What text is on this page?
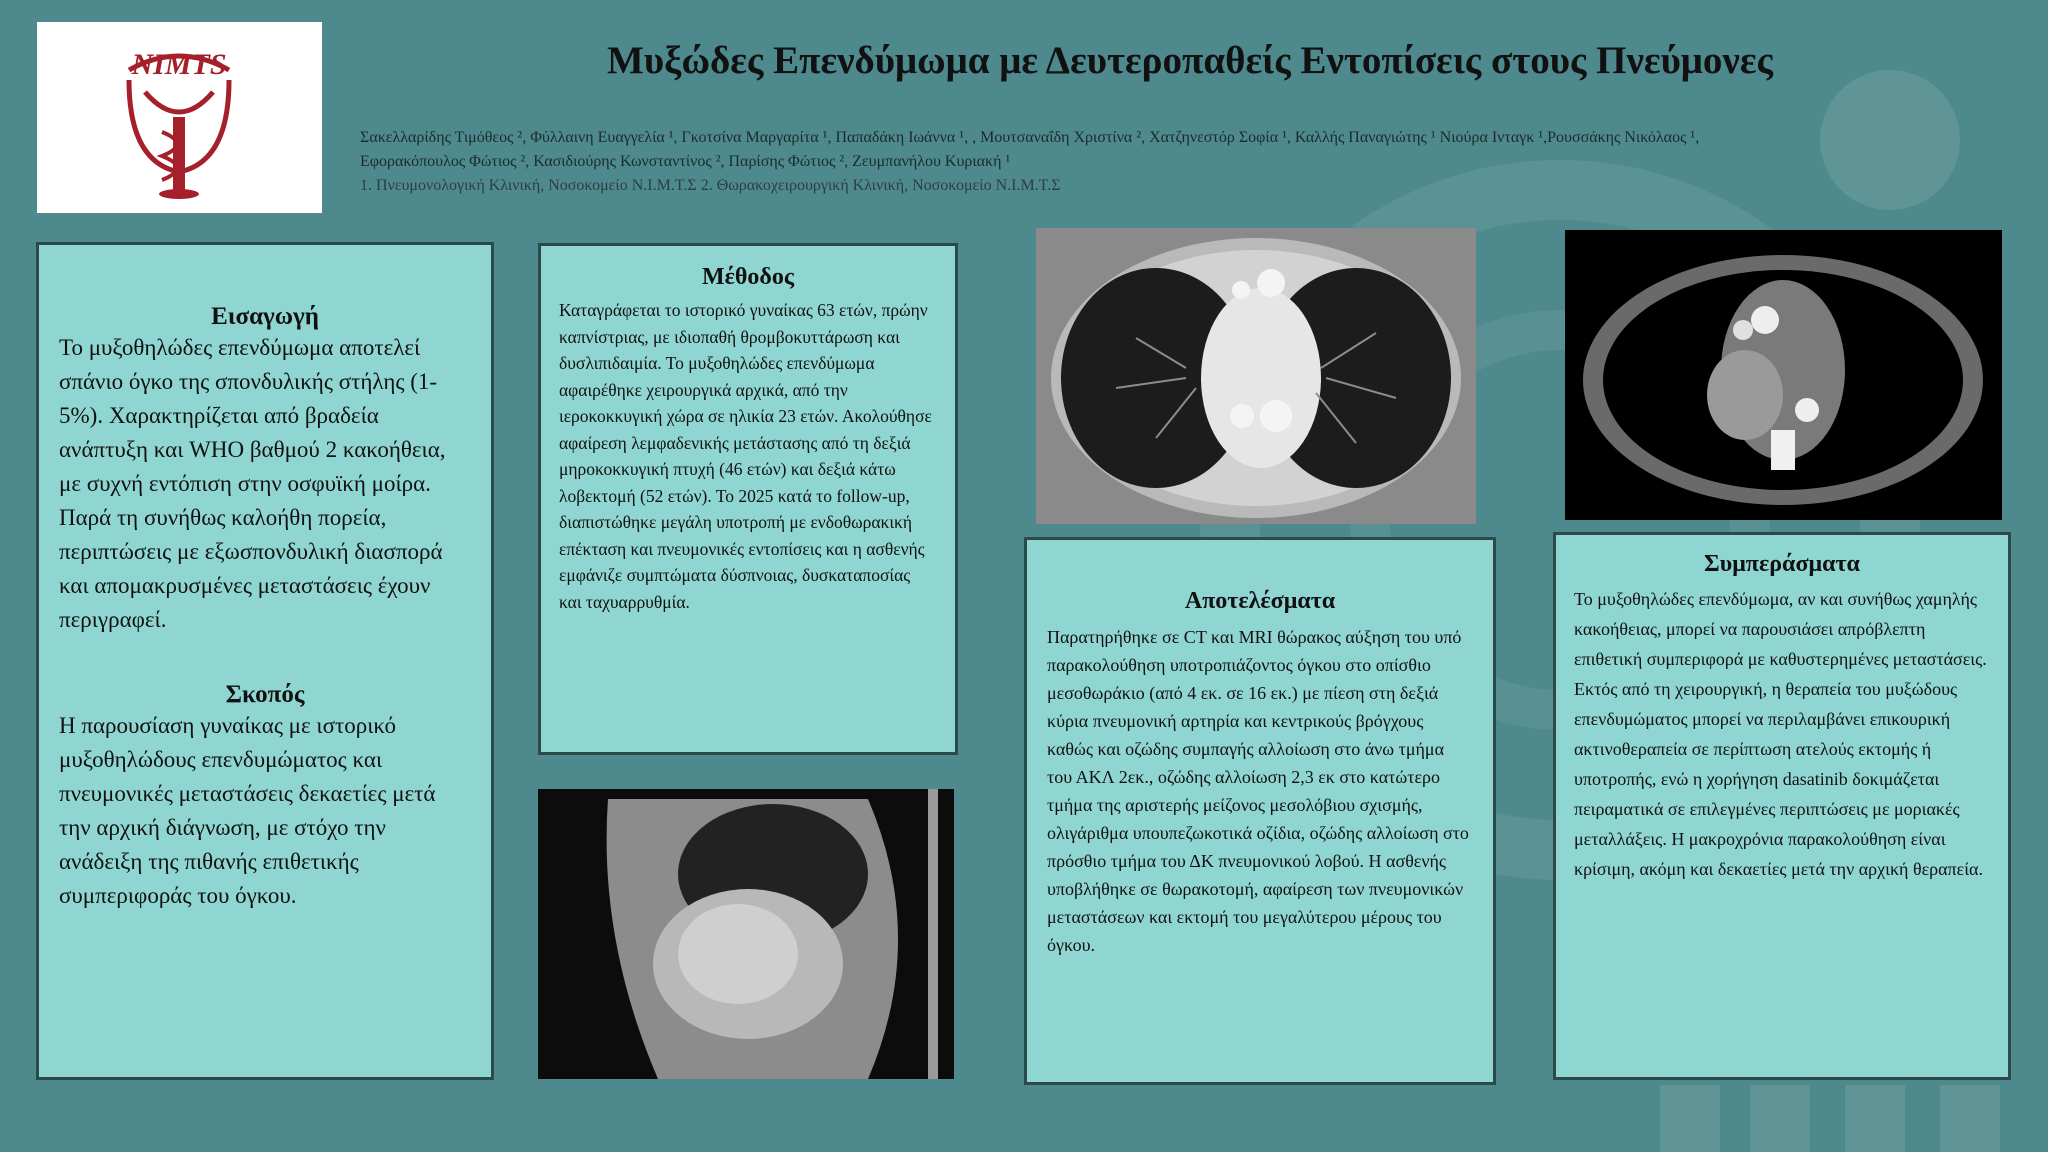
NIMTS	Μυξώδες Επενδύμωμα με Δευτεροπαθείς Εντοπίσεις στους Πνεύμονες
Σακελλαρίδης Τιμόθεος ², Φύλλαινη Ευαγγελία ¹, Γκοτσίνα Μαργαρίτα ¹, Παπαδάκη Ιωάννα ¹, , Μουτσαναΐδη Χριστίνα ², Χατζηνεστόρ Σοφία ¹, Καλλής Παναγιώτης ¹ Νιούρα Ινταγκ ¹,Ρουσσάκης Νικόλαος ¹,
Εφορακόπουλος Φώτιος ², Κασιδιούρης Κωνσταντίνος ², Παρίσης Φώτιος ², Ζευμπανήλου Κυριακή ¹
1. Πνευμονολογική Κλινική, Νοσοκομείο Ν.Ι.Μ.Τ.Σ 2. Θωρακοχειρουργική Κλινική, Νοσοκομείο Ν.Ι.Μ.Τ.Σ
Εισαγωγή

Το μυξοθηλώδες επενδύμωμα αποτελεί σπάνιο όγκο της σπονδυλικής στήλης (1-5%). Χαρακτηρίζεται από βραδεία ανάπτυξη και WHO βαθμού 2 κακοήθεια, με συχνή εντόπιση στην οσφυϊκή μοίρα. Παρά τη συνήθως καλοήθη πορεία, περιπτώσεις με εξωσπονδυλική διασπορά και απομακρυσμένες μεταστάσεις έχουν περιγραφεί.

Σκοπός

Η παρουσίαση γυναίκας με ιστορικό μυξοθηλώδους επενδυμώματος και πνευμονικές μεταστάσεις δεκαετίες μετά την αρχική διάγνωση, με στόχο την ανάδειξη της πιθανής επιθετικής συμπεριφοράς του όγκου.

Μέθοδος

Καταγράφεται το ιστορικό γυναίκας 63 ετών, πρώην καπνίστριας, με ιδιοπαθή θρομβοκυττάρωση και δυσλιπιδαιμία. Το μυξοθηλώδες επενδύμωμα αφαιρέθηκε χειρουργικά αρχικά, από την ιεροκοκκυγική χώρα σε ηλικία 23 ετών. Ακολούθησε αφαίρεση λεμφαδενικής μετάστασης από τη δεξιά μηροκοκκυγική πτυχή (46 ετών) και δεξιά κάτω λοβεκτομή (52 ετών). Το 2025 κατά το follow-up, διαπιστώθηκε μεγάλη υποτροπή με ενδοθωρακική επέκταση και πνευμονικές εντοπίσεις και η ασθενής εμφάνιζε συμπτώματα δύσπνοιας, δυσκαταποσίας και ταχυαρρυθμία.	Αποτελέσματα

Παρατηρήθηκε σε CT και MRI θώρακος αύξηση του υπό παρακολούθηση υποτροπιάζοντος όγκου στο οπίσθιο μεσοθωράκιο (από 4 εκ. σε 16 εκ.) με πίεση στη δεξιά κύρια πνευμονική αρτηρία και κεντρικούς βρόγχους καθώς και οζώδης συμπαγής αλλοίωση στο άνω τμήμα του ΑΚΛ 2εκ., οζώδης αλλοίωση 2,3 εκ στο κατώτερο τμήμα της αριστερής μείζονος μεσολόβιου σχισμής, ολιγάριθμα υπουπεζωκοτικά οζίδια, οζώδης αλλοίωση στο πρόσθιο τμήμα του ΔΚ πνευμονικού λοβού. Η ασθενής υποβλήθηκε σε θωρακοτομή, αφαίρεση των πνευμονικών μεταστάσεων και εκτομή του μεγαλύτερου μέρους του όγκου.

Συμπεράσματα

Το μυξοθηλώδες επενδύμωμα, αν και συνήθως χαμηλής κακοήθειας, μπορεί να παρουσιάσει απρόβλεπτη επιθετική συμπεριφορά με καθυστερημένες μεταστάσεις. Εκτός από τη χειρουργική, η θεραπεία του μυξώδους επενδυμώματος μπορεί να περιλαμβάνει επικουρική ακτινοθεραπεία σε περίπτωση ατελούς εκτομής ή υποτροπής, ενώ η χορήγηση dasatinib δοκιμάζεται πειραματικά σε επιλεγμένες περιπτώσεις με μοριακές μεταλλάξεις. Η μακροχρόνια παρακολούθηση είναι κρίσιμη, ακόμη και δεκαετίες μετά την αρχική θεραπεία.
